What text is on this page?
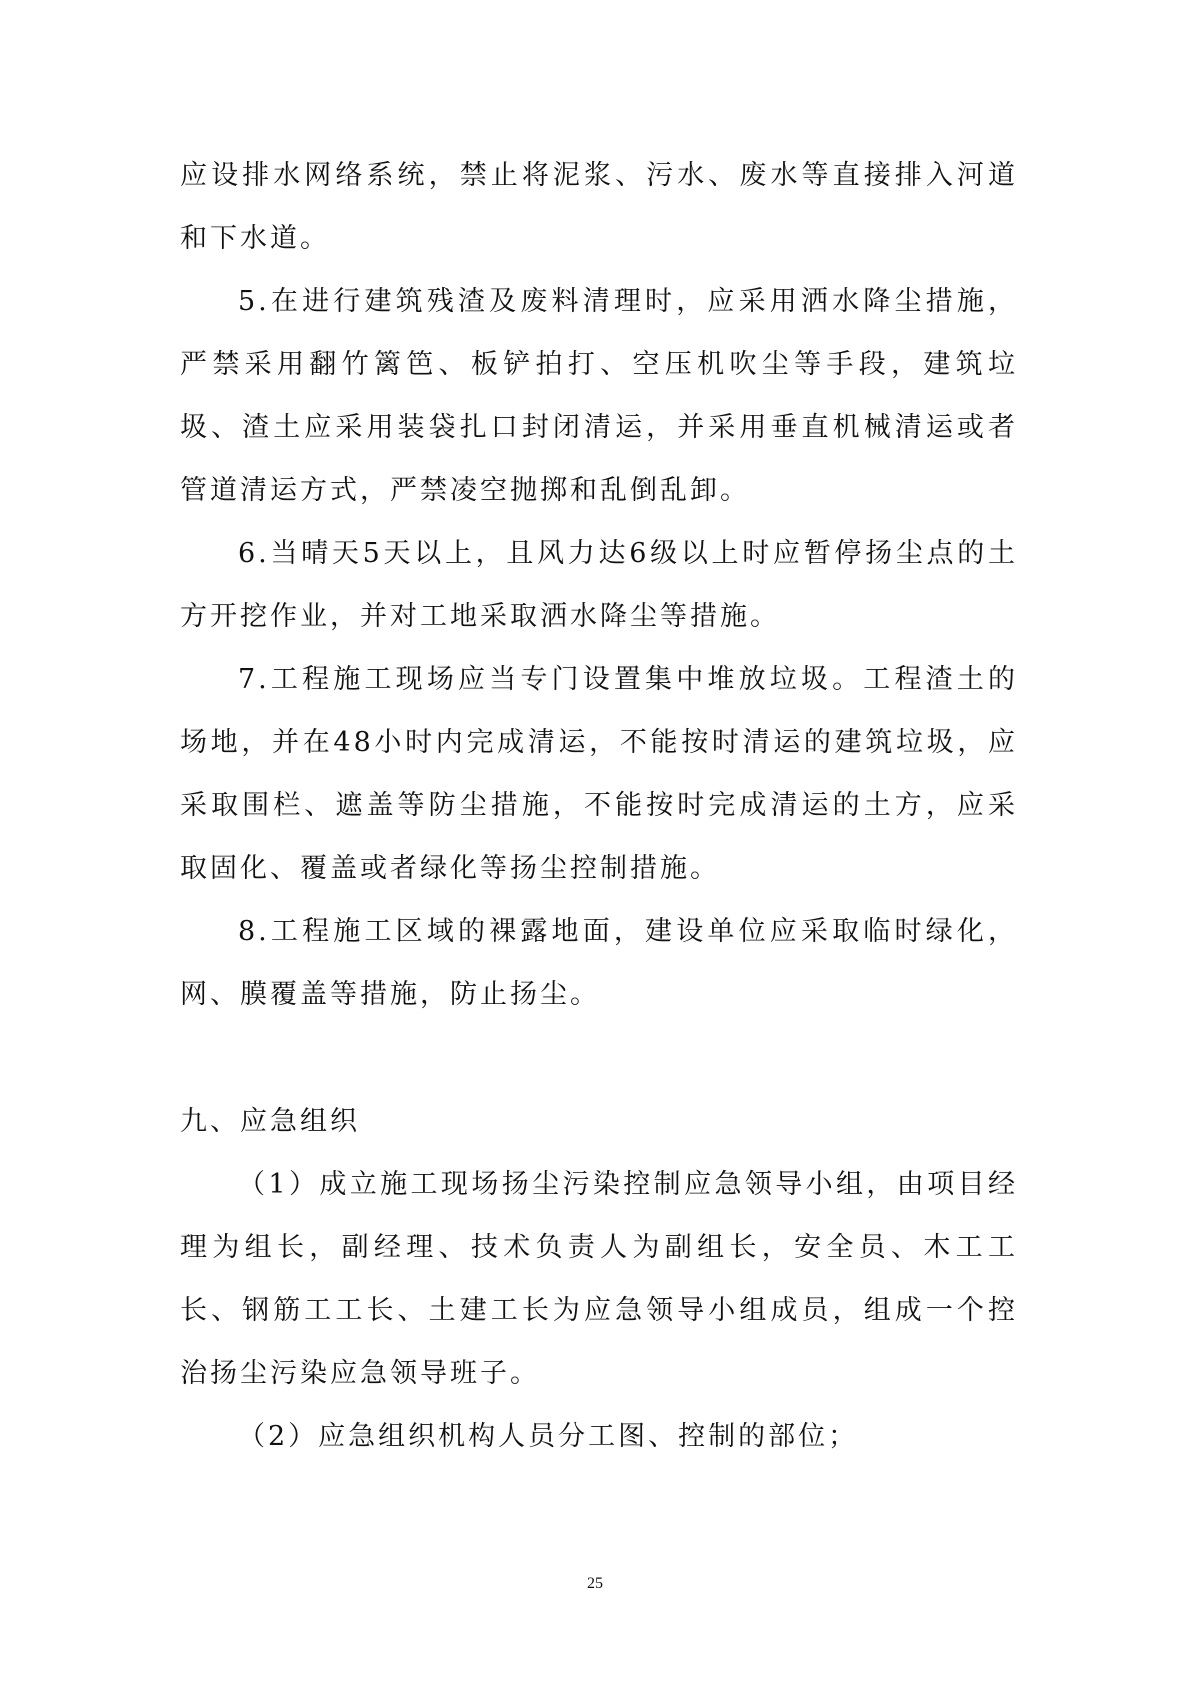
应设排水网络系统，禁止将泥浆、污水、废水等直接排入河道和下水道。

5.在进行建筑残渣及废料清理时，应采用洒水降尘措施，严禁采用翻竹篱笆、板铲拍打、空压机吹尘等手段，建筑垃圾、渣土应采用装袋扎口封闭清运，并采用垂直机械清运或者管道清运方式，严禁凌空抛掷和乱倒乱卸。

6.当晴天5天以上，且风力达6级以上时应暂停扬尘点的土方开挖作业，并对工地采取洒水降尘等措施。

7.工程施工现场应当专门设置集中堆放垃圾。工程渣土的场地，并在48小时内完成清运，不能按时清运的建筑垃圾，应采取围栏、遮盖等防尘措施，不能按时完成清运的土方，应采取固化、覆盖或者绿化等扬尘控制措施。

8.工程施工区域的裸露地面，建设单位应采取临时绿化，网、膜覆盖等措施，防止扬尘。

九、应急组织

（1）成立施工现场扬尘污染控制应急领导小组，由项目经理为组长，副经理、技术负责人为副组长，安全员、木工工长、钢筋工工长、土建工长为应急领导小组成员，组成一个控治扬尘污染应急领导班子。

（2）应急组织机构人员分工图、控制的部位；

25
